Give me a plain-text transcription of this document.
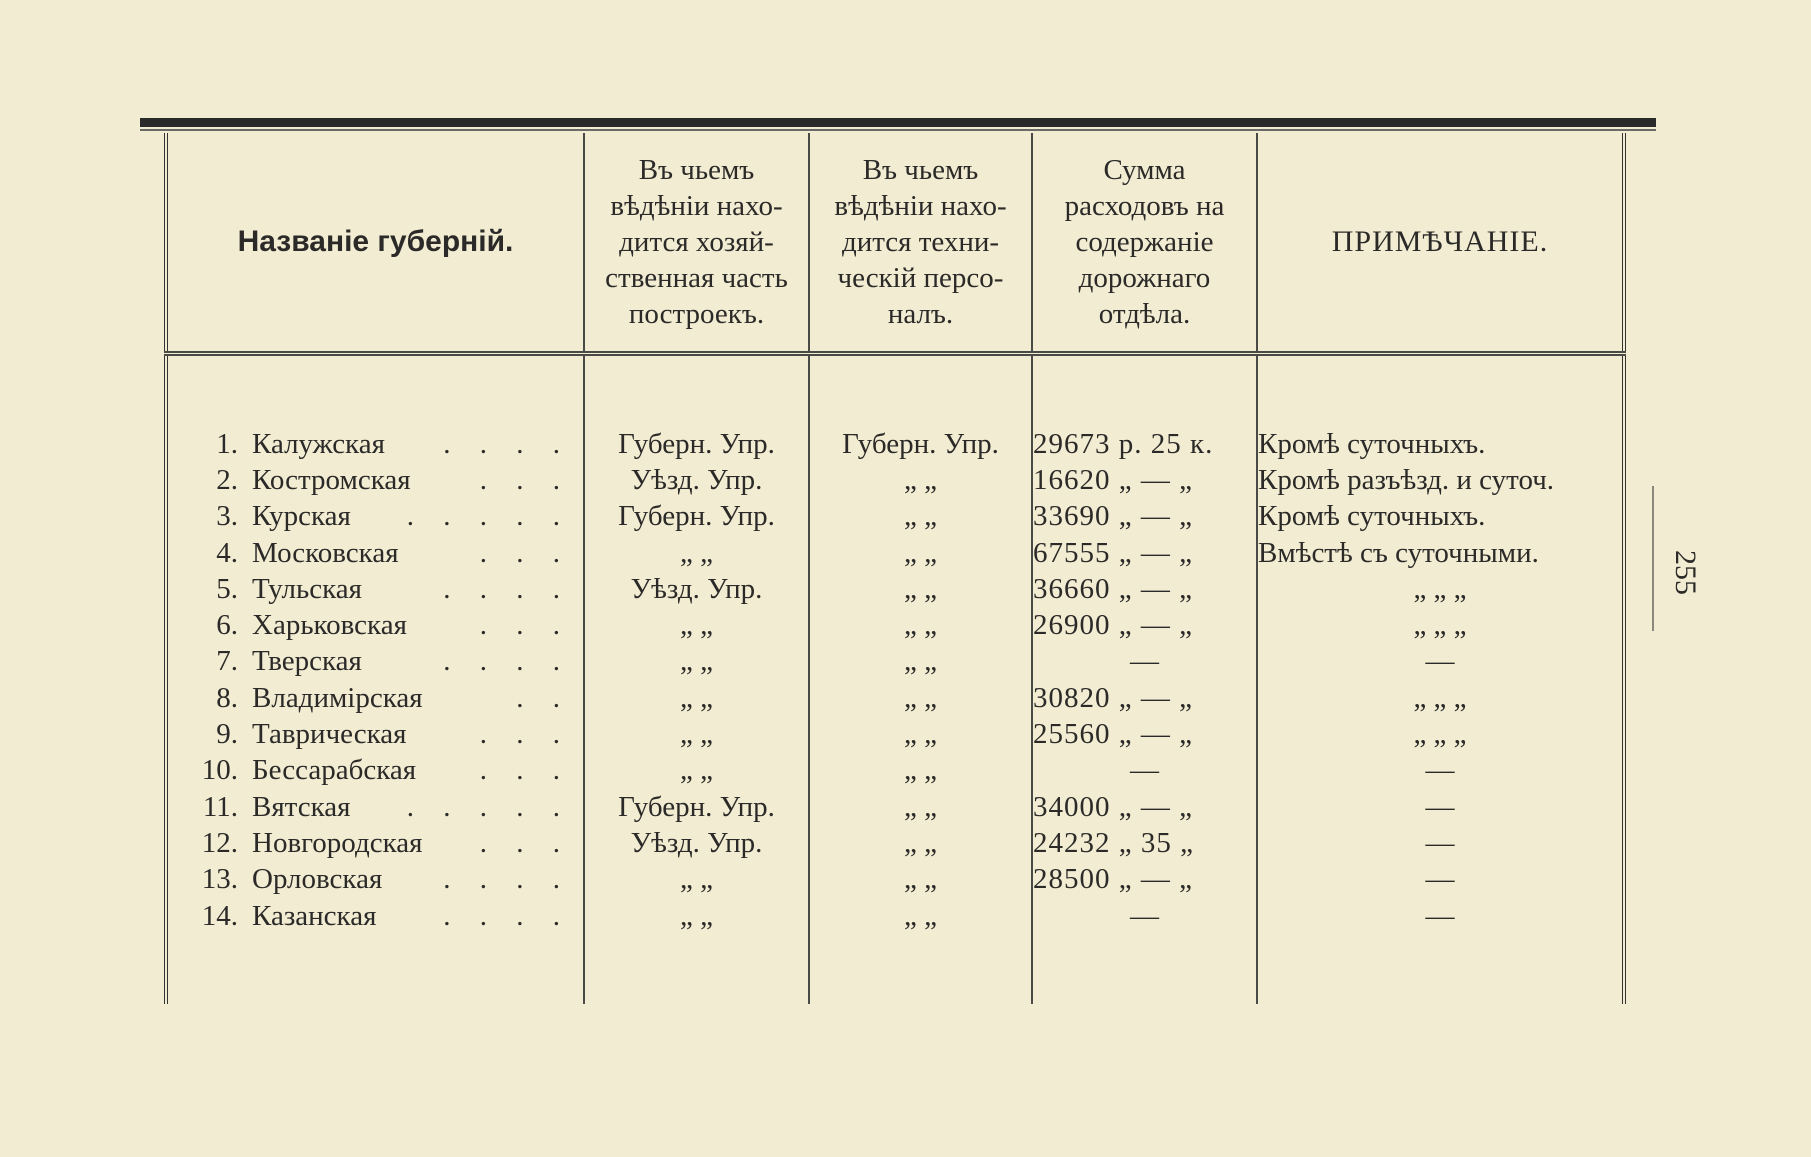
Названіе губерній.	Въ чьемъ
вѣдѣніи нахо-
дится хозяй-
ственная часть
построекъ.	Въ чьемъ
вѣдѣніи нахо-
дится техни-
ческій персо-
налъ.	Сумма
расходовъ на
содержаніе
дорожнаго
отдѣла.	ПРИМѢЧАНІЕ.

1. Калужская . . . .	Губерн. Упр.	Губерн. Упр.	29673 р. 25 к.	Кромѣ суточныхъ.

2. Костромская . . .	Уѣзд. Упр.	„ „	16620 „ — „	Кромѣ разъѣзд. и суточ.

3. Курская . . . . .	Губерн. Упр.	„ „	33690 „ — „	Кромѣ суточныхъ.

4. Московская . . .	„ „	„ „	67555 „ — „	Вмѣстѣ съ суточными.

5. Тульская . . . .	Уѣзд. Упр.	„ „	36660 „ — „	„ „ „

6. Харьковская . . .	„ „	„ „	26900 „ — „	„ „ „

7. Тверская . . . .	„ „	„ „	—	—

8. Владимірская . .	„ „	„ „	30820 „ — „	„ „ „

9. Таврическая . . .	„ „	„ „	25560 „ — „	„ „ „

10. Бессарабская . . .	„ „	„ „	—	—

11. Вятская . . . . .	Губерн. Упр.	„ „	34000 „ — „	—

12. Новгородская . . .	Уѣзд. Упр.	„ „	24232 „ 35 „	—

13. Орловская . . . .	„ „	„ „	28500 „ — „	—

14. Казанская . . . .	„ „	„ „	—	—

255
